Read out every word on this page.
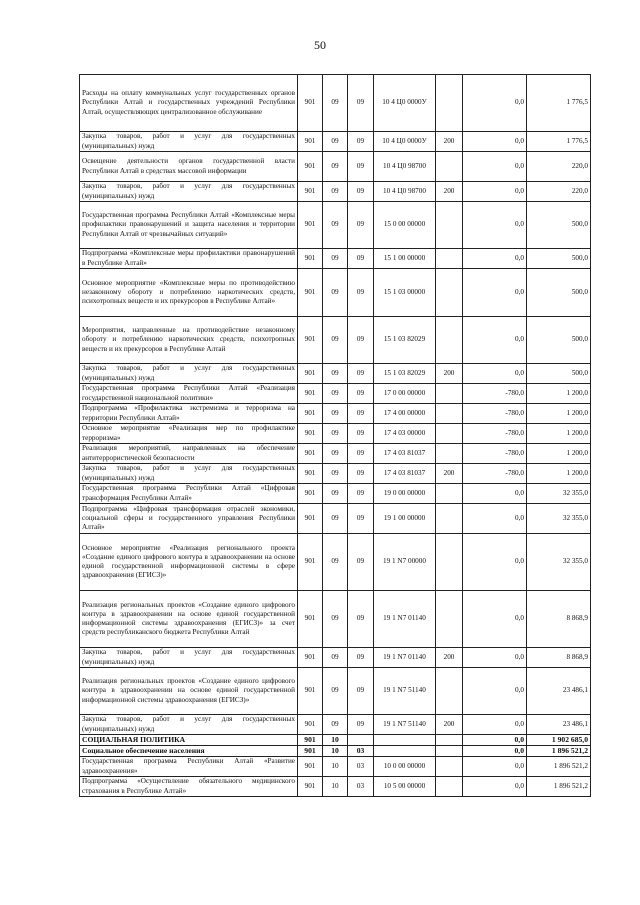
50
Расходы на оплату коммунальных услуг государственных органов Республики Алтай и государственных учреждений Республики Алтай, осуществляющих централизованное обслуживание	901	09	09	10 4 Ц0 0000У		0,0	1 776,5
Закупка товаров, работ и услуг для государственных (муниципальных) нужд	901	09	09	10 4 Ц0 0000У	200	0,0	1 776,5
Освещение деятельности органов государственной власти Республики Алтай в средствах массовой информации	901	09	09	10 4 Ц0 98700		0,0	220,0
Закупка товаров, работ и услуг для государственных (муниципальных) нужд	901	09	09	10 4 Ц0 98700	200	0,0	220,0
Государственная программа Республики Алтай «Комплексные меры профилактики правонарушений и защита населения и территории Республики Алтай от чрезвычайных ситуаций»	901	09	09	15 0 00 00000		0,0	500,0
Подпрограмма «Комплексные меры профилактики правонарушений в Республике Алтай»	901	09	09	15 1 00 00000		0,0	500,0
Основное мероприятие «Комплексные меры по противодействию незаконному обороту и потреблению наркотических средств, психотропных веществ и их прекурсоров в Республике Алтай»	901	09	09	15 1 03 00000		0,0	500,0
Мероприятия, направленные на противодействие незаконному обороту и потреблению наркотических средств, психотропных веществ и их прекурсоров в Республике Алтай	901	09	09	15 1 03 82029		0,0	500,0
Закупка товаров, работ и услуг для государственных (муниципальных) нужд	901	09	09	15 1 03 82029	200	0,0	500,0
Государственная программа Республики Алтай «Реализация государственной национальной политики»	901	09	09	17 0 00 00000		-780,0	1 200,0
Подпрограмма «Профилактика экстремизма и терроризма на территории Республики Алтай»	901	09	09	17 4 00 00000		-780,0	1 200,0
Основное мероприятие «Реализация мер по профилактике терроризма»	901	09	09	17 4 03 00000		-780,0	1 200,0
Реализация мероприятий, направленных на обеспечение антитеррористической безопасности	901	09	09	17 4 03 81037		-780,0	1 200,0
Закупка товаров, работ и услуг для государственных (муниципальных) нужд	901	09	09	17 4 03 81037	200	-780,0	1 200,0
Государственная программа Республики Алтай «Цифровая трансформация Республики Алтай»	901	09	09	19 0 00 00000		0,0	32 355,0
Подпрограмма «Цифровая трансформация отраслей экономики, социальной сферы и государственного управления Республики Алтай»	901	09	09	19 1 00 00000		0,0	32 355,0
Основное мероприятие «Реализация регионального проекта «Создание единого цифрового контура в здравоохранении на основе единой государственной информационной системы в сфере здравоохранения (ЕГИСЗ)»	901	09	09	19 1 N7 00000		0,0	32 355,0
Реализация региональных проектов «Создание единого цифрового контура в здравоохранении на основе единой государственной информационной системы здравоохранения (ЕГИСЗ)» за счет средств республиканского бюджета Республики Алтай	901	09	09	19 1 N7 01140		0,0	8 868,9
Закупка товаров, работ и услуг для государственных (муниципальных) нужд	901	09	09	19 1 N7 01140	200	0,0	8 868,9
Реализация региональных проектов «Создание единого цифрового контура в здравоохранении на основе единой государственной информационной системы здравоохранения (ЕГИСЗ)»	901	09	09	19 1 N7 51140		0,0	23 486,1
Закупка товаров, работ и услуг для государственных (муниципальных) нужд	901	09	09	19 1 N7 51140	200	0,0	23 486,1
СОЦИАЛЬНАЯ ПОЛИТИКА	901	10				0,0	1 902 685,0
Социальное обеспечение населения	901	10	03			0,0	1 896 521,2
Государственная программа Республики Алтай «Развитие здравоохранения»	901	10	03	10 0 00 00000		0,0	1 896 521,2
Подпрограмма «Осуществление обязательного медицинского страхования в Республике Алтай»	901	10	03	10 5 00 00000		0,0	1 896 521,2
